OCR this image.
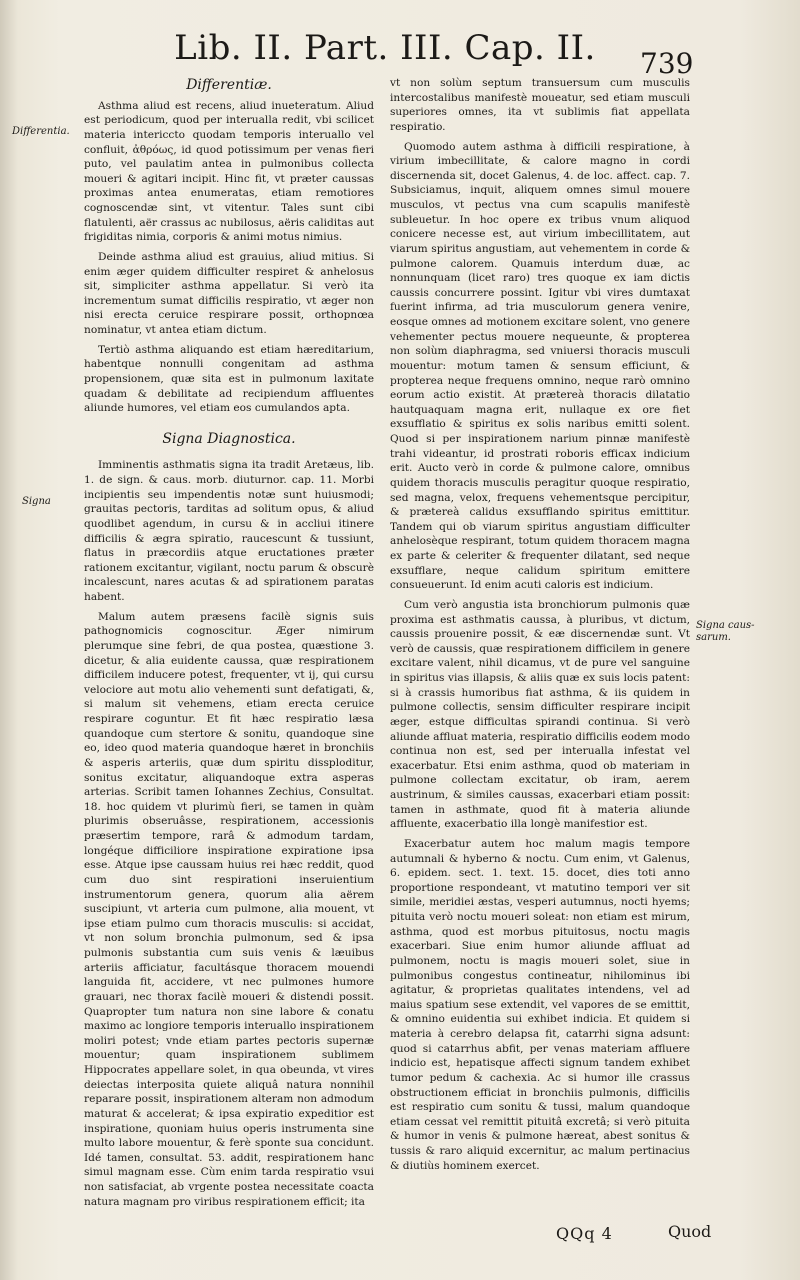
Lib. II. Part. III. Cap. II. 739
Differentia.
Signa
Signa caussarum.
Differentiæ.

Asthma aliud est recens, aliud inueteratum. Aliud est periodicum, quod per interualla redit, vbi scilicet materia intericcto quodam temporis interuallo vel confluit, ἀθρόως, id quod potissimum per venas fieri puto, vel paulatim antea in pulmonibus collecta moueri & agitari incipit. Hinc fit, vt præter caussas proximas antea enumeratas, etiam remotiores cognoscendæ sint, vt vitentur. Tales sunt cibi flatulenti, aër crassus ac nubilosus, aëris caliditas aut frigiditas nimia, corporis & animi motus nimius.

Deinde asthma aliud est grauius, aliud mitius. Si enim æger quidem difficulter respiret & anhelosus sit, simpliciter asthma appellatur. Si verò ita incrementum sumat difficilis respiratio, vt æger non nisi erecta ceruice respirare possit, orthopnœa nominatur, vt antea etiam dictum.

Tertiò asthma aliquando est etiam hæreditarium, habentque nonnulli congenitam ad asthma propensionem, quæ sita est in pulmonum laxitate quadam & debilitate ad recipiendum affluentes aliunde humores, vel etiam eos cumulandos apta.

Signa Diagnostica.

Imminentis asthmatis signa ita tradit Aretæus, lib. 1. de sign. & caus. morb. diuturnor. cap. 11. Morbi incipientis seu impendentis notæ sunt huiusmodi; grauitas pectoris, tarditas ad solitum opus, & aliud quodlibet agendum, in cursu & in accliui itinere difficilis & ægra spiratio, raucescunt & tussiunt, flatus in præcordiis atque eructationes præter rationem excitantur, vigilant, noctu parum & obscurè incalescunt, nares acutas & ad spirationem paratas habent.

Malum autem præsens facilè signis suis pathognomicis cognoscitur. Æger nimirum plerumque sine febri, de qua postea, quæstione 3. dicetur, & alia euidente caussa, quæ respirationem difficilem inducere potest, frequenter, vt ij, qui cursu velociore aut motu alio vehementi sunt defatigati, &, si malum sit vehemens, etiam erecta ceruice respirare coguntur. Et fit hæc respiratio læsa quandoque cum stertore & sonitu, quandoque sine eo, ideo quod materia quandoque hæret in bronchiis & asperis arteriis, quæ dum spiritu dissploditur, sonitus excitatur, aliquandoque extra asperas arterias. Scribit tamen Iohannes Zechius, Consultat. 18. hoc quidem vt plurimù fieri, se tamen in quàm plurimis obseruâsse, respirationem, accessionis præsertim tempore, rarâ & admodum tardam, longéque difficiliore inspiratione expiratione ipsa esse. Atque ipse caussam huius rei hæc reddit, quod cum duo sint respirationi inseruientium instrumentorum genera, quorum alia aërem suscipiunt, vt arteria cum pulmone, alia mouent, vt ipse etiam pulmo cum thoracis musculis: si accidat, vt non solum bronchia pulmonum, sed & ipsa pulmonis substantia cum suis venis & læuibus arteriis afficiatur, facultásque thoracem mouendi languida fit, accidere, vt nec pulmones humore grauari, nec thorax facilè moueri & distendi possit. Quapropter tum natura non sine labore & conatu maximo ac longiore temporis interuallo inspirationem moliri potest; vnde etiam partes pectoris supernæ mouentur; quam inspirationem sublimem Hippocrates appellare solet, in qua obeunda, vt vires deiectas interposita quiete aliquâ natura nonnihil reparare possit, inspirationem alteram non admodum maturat & accelerat; & ipsa expiratio expeditior est inspiratione, quoniam huius operis instrumenta sine multo labore mouentur, & ferè sponte sua concidunt. Idé tamen, consultat. 53. addit, respirationem hanc simul magnam esse. Cùm enim tarda respiratio vsui non satisfaciat, ab vrgente postea necessitate coacta natura magnam pro viribus respirationem efficit; ita

vt non solùm septum transuersum cum musculis intercostalibus manifestè moueatur, sed etiam musculi superiores omnes, ita vt sublimis fiat appellata respiratio.

Quomodo autem asthma à difficili respiratione, à virium imbecillitate, & calore magno in cordi discernenda sit, docet Galenus, 4. de loc. affect. cap. 7. Subsiciamus, inquit, aliquem omnes simul mouere musculos, vt pectus vna cum scapulis manifestè subleuetur. In hoc opere ex tribus vnum aliquod conicere necesse est, aut virium imbecillitatem, aut viarum spiritus angustiam, aut vehementem in corde & pulmone calorem. Quamuis interdum duæ, ac nonnunquam (licet raro) tres quoque ex iam dictis caussis concurrere possint. Igitur vbi vires dumtaxat fuerint infirma, ad tria musculorum genera venire, eosque omnes ad motionem excitare solent, vno genere vehementer pectus mouere nequeunte, & propterea non solùm diaphragma, sed vniuersi thoracis musculi mouentur: motum tamen & sensum efficiunt, & propterea neque frequens omnino, neque rarò omnino eorum actio existit. At prætereà thoracis dilatatio hautquaquam magna erit, nullaque ex ore fiet exsufflatio & spiritus ex solis naribus emitti solent. Quod si per inspirationem narium pinnæ manifestè trahi videantur, id prostrati roboris efficax indicium erit. Aucto verò in corde & pulmone calore, omnibus quidem thoracis musculis peragitur quoque respiratio, sed magna, velox, frequens vehementsque percipitur, & prætereà calidus exsufflando spiritus emittitur. Tandem qui ob viarum spiritus angustiam difficulter anhelosèque respirant, totum quidem thoracem magna ex parte & celeriter & frequenter dilatant, sed neque exsufflare, neque calidum spiritum emittere consueuerunt. Id enim acuti caloris est indicium.

Cum verò angustia ista bronchiorum pulmonis quæ proxima est asthmatis caussa, à pluribus, vt dictum, caussis prouenire possit, & eæ discernendæ sunt. Vt verò de caussis, quæ respirationem difficilem in genere excitare valent, nihil dicamus, vt de pure vel sanguine in spiritus vias illapsis, & aliis quæ ex suis locis patent: si à crassis humoribus fiat asthma, & iis quidem in pulmone collectis, sensim difficulter respirare incipit æger, estque difficultas spirandi continua. Si verò aliunde affluat materia, respiratio difficilis eodem modo continua non est, sed per interualla infestat vel exacerbatur. Etsi enim asthma, quod ob materiam in pulmone collectam excitatur, ob iram, aerem austrinum, & similes caussas, exacerbari etiam possit: tamen in asthmate, quod fit à materia aliunde affluente, exacerbatio illa longè manifestior est.

Exacerbatur autem hoc malum magis tempore autumnali & hyberno & noctu. Cum enim, vt Galenus, 6. epidem. sect. 1. text. 15. docet, dies toti anno proportione respondeant, vt matutino tempori ver sit simile, meridiei æstas, vesperi autumnus, nocti hyems; pituita verò noctu moueri soleat: non etiam est mirum, asthma, quod est morbus pituitosus, noctu magis exacerbari. Siue enim humor aliunde affluat ad pulmonem, noctu is magis moueri solet, siue in pulmonibus congestus contineatur, nihilominus ibi agitatur, & proprietas qualitates intendens, vel ad maius spatium sese extendit, vel vapores de se emittit, & omnino euidentia sui exhibet indicia. Et quidem si materia à cerebro delapsa fit, catarrhi signa adsunt: quod si catarrhus abfit, per venas materiam affluere indicio est, hepatisque affecti signum tandem exhibet tumor pedum & cachexia. Ac si humor ille crassus obstructionem efficiat in bronchiis pulmonis, difficilis est respiratio cum sonitu & tussi, malum quandoque etiam cessat vel remittit pituitâ excretâ; si verò pituita & humor in venis & pulmone hæreat, abest sonitus & tussis & raro aliquid excernitur, ac malum pertinacius & diutiùs hominem exercet.

QQq 4	Quod
